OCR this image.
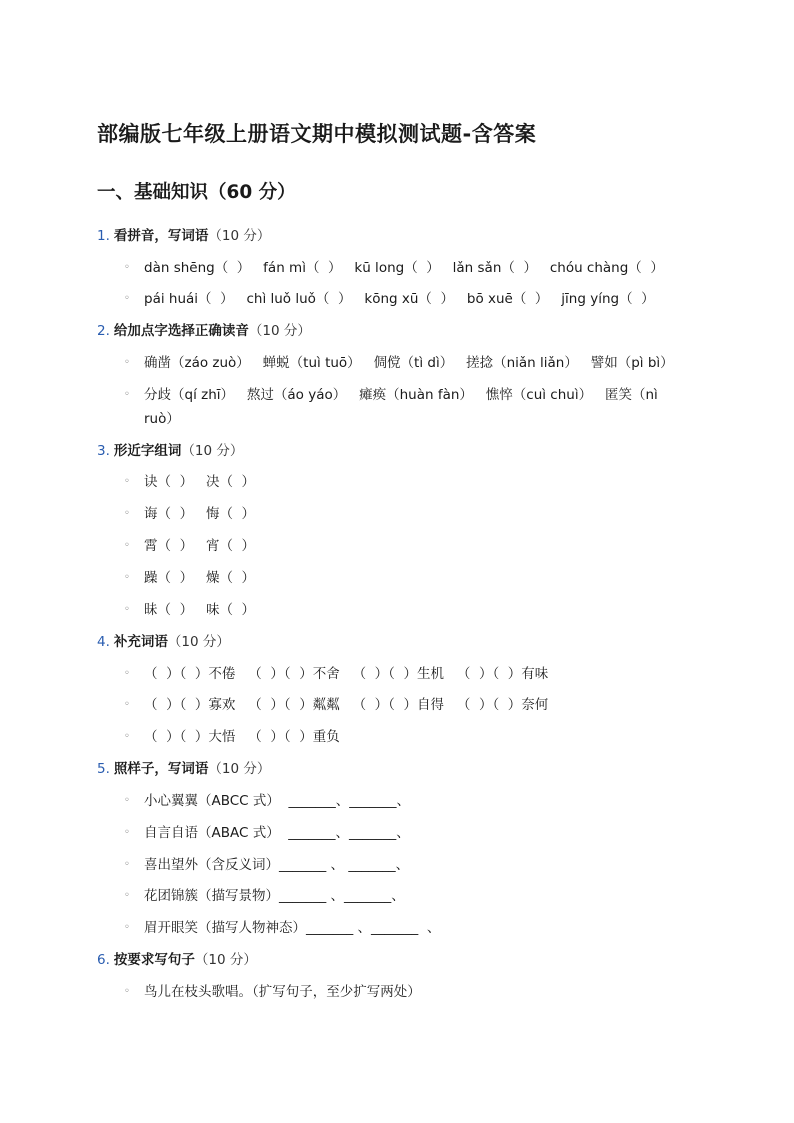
部编版七年级上册语文期中模拟测试题-含答案
一、基础知识（60 分）
1. 看拼音，写词语（10 分）
◦ dàn shēng（  ）   fán mì（  ）   kū long（  ）   lǎn sǎn（  ）   chóu chàng（  ）
◦ pái huái（  ）   chì luǒ luǒ（  ）   kōng xū（  ）   bō xuē（  ）   jīng yíng（  ）
2. 给加点字选择正确读音（10 分）
◦ 确凿（záo zuò）   蝉蜕（tuì tuō）   倜傥（tì dì）   搓捻（niǎn liǎn）   譬如（pì bì）
◦ 分歧（qí zhī）   熬过（áo yáo）   瘫痪（huàn fàn）   憔悴（cuì chuì）   匿笑（nì
ruò）
3. 形近字组词（10 分）
◦ 诀（  ）   决（  ）
◦ 诲（  ）   悔（  ）
◦ 霄（  ）   宵（  ）
◦ 躁（  ）   燥（  ）
◦ 昧（  ）   味（  ）
4. 补充词语（10 分）
◦ （  ）（  ）不倦   （  ）（  ）不舍   （  ）（  ）生机   （  ）（  ）有味
◦ （  ）（  ）寡欢   （  ）（  ）粼粼   （  ）（  ）自得   （  ）（  ）奈何
◦ （  ）（  ）大悟   （  ）（  ）重负
5. 照样子，写词语（10 分）
◦ 小心翼翼（ABCC 式）  _______、_______、
◦ 自言自语（ABAC 式）  _______、_______、
◦ 喜出望外（含反义词）_______ 、 _______、
◦ 花团锦簇（描写景物）_______ 、_______、
◦ 眉开眼笑（描写人物神态）_______ 、_______  、
6. 按要求写句子（10 分）
◦ 鸟儿在枝头歌唱。（扩写句子，至少扩写两处）
